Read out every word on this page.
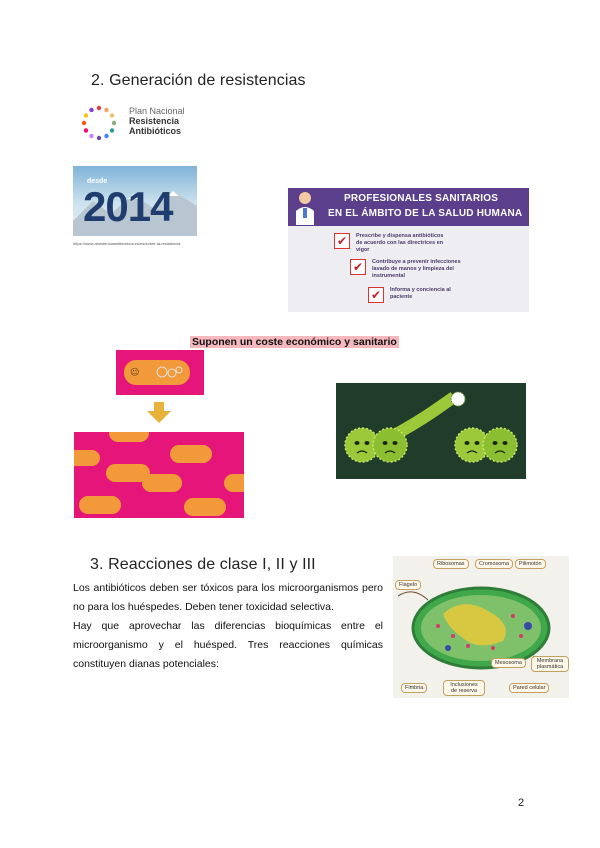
2. Generación de resistencias
Plan Nacional
Resistencia
Antibióticos
desde
2014
https://www.resistenciaantibioticos.es/es/sobre-la-resistencia
PROFESIONALES SANITARIOS
EN EL ÁMBITO DE LA SALUD HUMANA
✔	Prescribe y dispensa antibióticos de acuerdo con las directrices en vigor
✔	Contribuye a prevenir infecciones lavado de manos y limpieza del instrumental
✔	Informa y conciencia al paciente
Suponen un coste económico y sanitario
☺
3. Reacciones de clase I, II y III
Los antibióticos deben ser tóxicos para los microorganismos pero no para los huéspedes. Deben tener toxicidad selectiva.
Hay que aprovechar las diferencias bioquímicas entre el microorganismo y el huésped. Tres reacciones químicas constituyen dianas potenciales:
Ribosomas	Cromosoma	Pilimotón
Flagelo
Mesosoma	Membrana plasmática
Fimbria	Inclusiones de reserva	Pared celular
2
